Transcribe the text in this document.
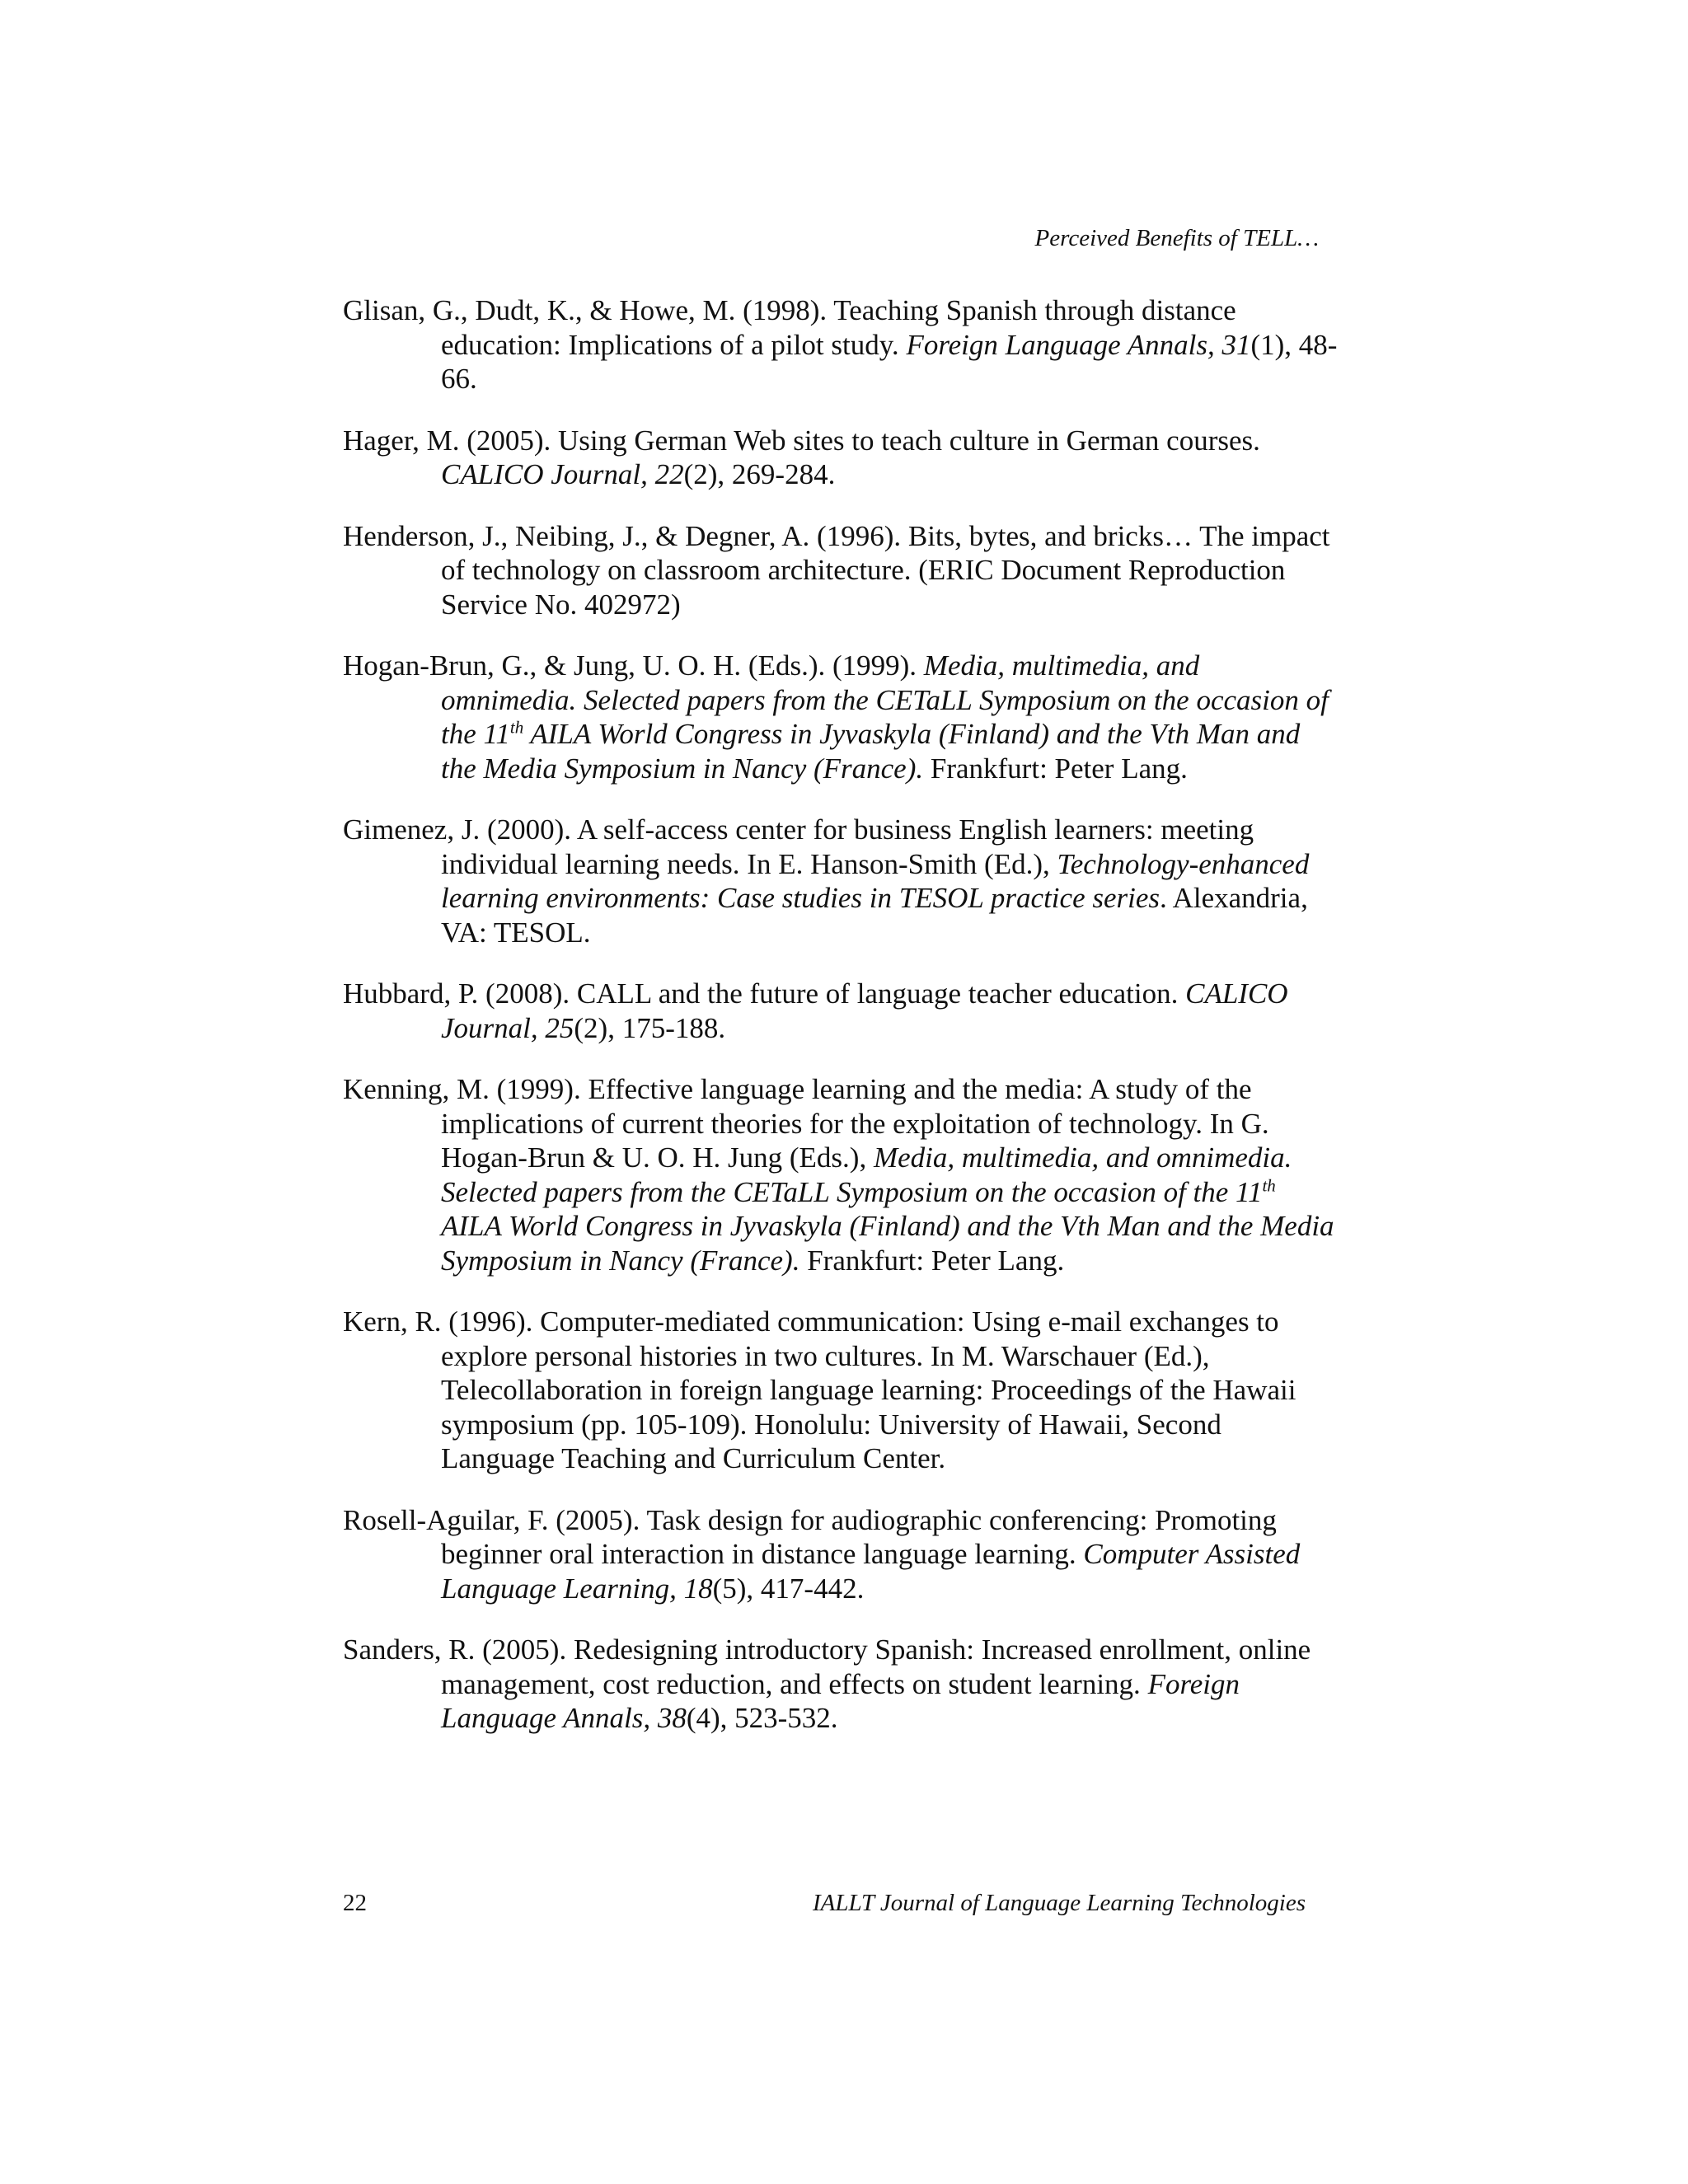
Perceived Benefits of TELL…

Glisan, G., Dudt, K., & Howe, M. (1998). Teaching Spanish through distance education: Implications of a pilot study. Foreign Language Annals, 31(1), 48-66.

Hager, M. (2005). Using German Web sites to teach culture in German courses. CALICO Journal, 22(2), 269-284.

Henderson, J., Neibing, J., & Degner, A. (1996). Bits, bytes, and bricks… The impact of technology on classroom architecture. (ERIC Document Reproduction Service No. 402972)

Hogan-Brun, G., & Jung, U. O. H. (Eds.). (1999). Media, multimedia, and omnimedia. Selected papers from the CETaLL Symposium on the occasion of the 11th AILA World Congress in Jyvaskyla (Finland) and the Vth Man and the Media Symposium in Nancy (France). Frankfurt: Peter Lang.

Gimenez, J. (2000). A self-access center for business English learners: meeting individual learning needs. In E. Hanson-Smith (Ed.), Technology-enhanced learning environments: Case studies in TESOL practice series. Alexandria, VA: TESOL.

Hubbard, P. (2008). CALL and the future of language teacher education. CALICO Journal, 25(2), 175-188.

Kenning, M. (1999). Effective language learning and the media: A study of the implications of current theories for the exploitation of technology. In G. Hogan-Brun & U. O. H. Jung (Eds.), Media, multimedia, and omnimedia. Selected papers from the CETaLL Symposium on the occasion of the 11th AILA World Congress in Jyvaskyla (Finland) and the Vth Man and the Media Symposium in Nancy (France). Frankfurt: Peter Lang.

Kern, R. (1996). Computer-mediated communication: Using e-mail exchanges to explore personal histories in two cultures. In M. Warschauer (Ed.), Telecollaboration in foreign language learning: Proceedings of the Hawaii symposium (pp. 105-109). Honolulu: University of Hawaii, Second Language Teaching and Curriculum Center.

Rosell-Aguilar, F. (2005). Task design for audiographic conferencing: Promoting beginner oral interaction in distance language learning. Computer Assisted Language Learning, 18(5), 417-442.

Sanders, R. (2005). Redesigning introductory Spanish: Increased enrollment, online management, cost reduction, and effects on student learning. Foreign Language Annals, 38(4), 523-532.

22	IALLT Journal of Language Learning Technologies
